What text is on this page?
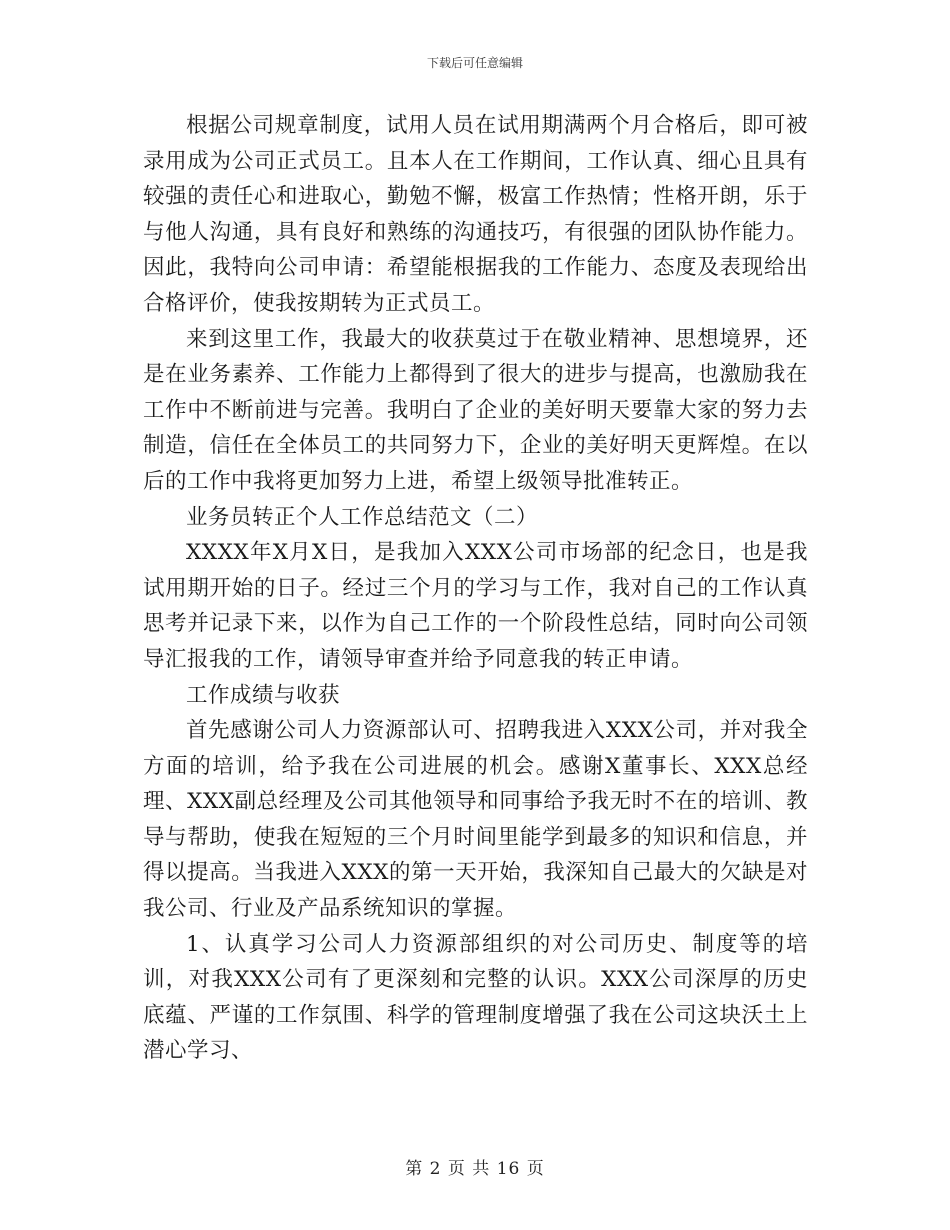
下载后可任意编辑

根据公司规章制度，试用人员在试用期满两个月合格后，即可被录用成为公司正式员工。且本人在工作期间，工作认真、细心且具有较强的责任心和进取心，勤勉不懈，极富工作热情；性格开朗，乐于与他人沟通，具有良好和熟练的沟通技巧，有很强的团队协作能力。因此，我特向公司申请：希望能根据我的工作能力、态度及表现给出合格评价，使我按期转为正式员工。

来到这里工作，我最大的收获莫过于在敬业精神、思想境界，还是在业务素养、工作能力上都得到了很大的进步与提高，也激励我在工作中不断前进与完善。我明白了企业的美好明天要靠大家的努力去制造，信任在全体员工的共同努力下，企业的美好明天更辉煌。在以后的工作中我将更加努力上进，希望上级领导批准转正。

业务员转正个人工作总结范文（二）

XXXX年X月X日，是我加入XXX公司市场部的纪念日，也是我试用期开始的日子。经过三个月的学习与工作，我对自己的工作认真思考并记录下来，以作为自己工作的一个阶段性总结，同时向公司领导汇报我的工作，请领导审查并给予同意我的转正申请。

工作成绩与收获

首先感谢公司人力资源部认可、招聘我进入XXX公司，并对我全方面的培训，给予我在公司进展的机会。感谢X董事长、XXX总经理、XXX副总经理及公司其他领导和同事给予我无时不在的培训、教导与帮助，使我在短短的三个月时间里能学到最多的知识和信息，并得以提高。当我进入XXX的第一天开始，我深知自己最大的欠缺是对我公司、行业及产品系统知识的掌握。

1、认真学习公司人力资源部组织的对公司历史、制度等的培训，对我XXX公司有了更深刻和完整的认识。XXX公司深厚的历史底蕴、严谨的工作氛围、科学的管理制度增强了我在公司这块沃土上潜心学习、

第 2 页 共 16 页
